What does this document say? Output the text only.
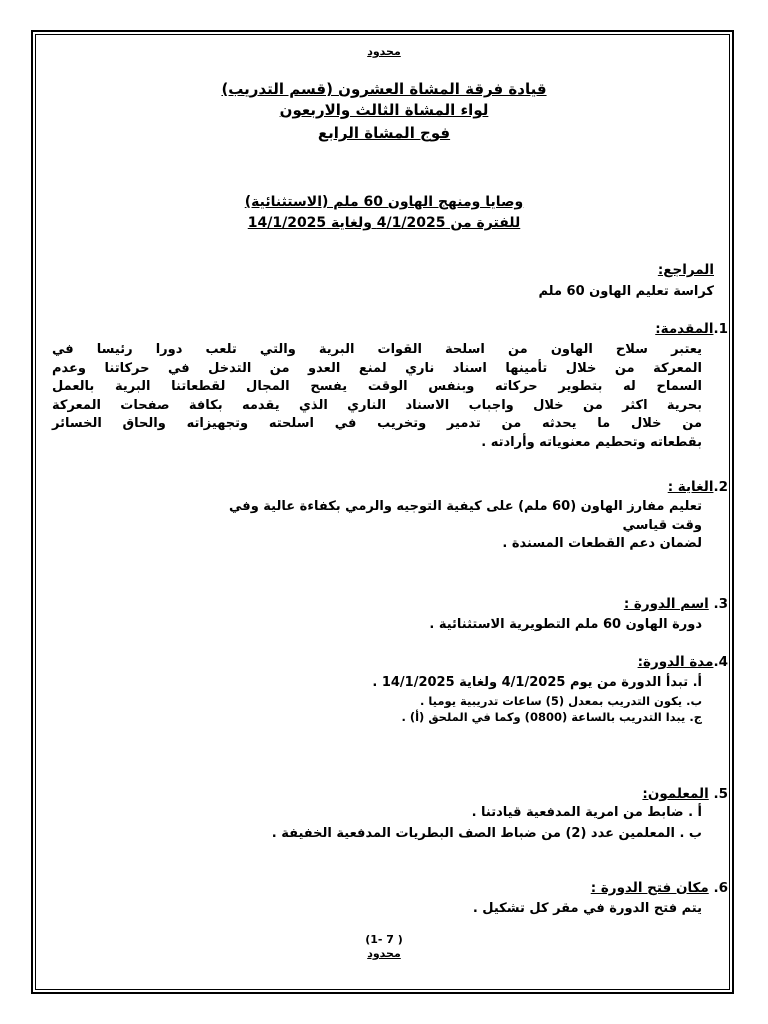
محدود
قيادة فرقة المشاة العشرون (قسم التدريب)
لواء المشاة الثالث والاربعون
فوج المشاة الرابع
وصايا ومنهج الهاون 60 ملم (الاستثنائية)
للفترة من 4/1/2025 ولغاية 14/1/2025
المراجع:
كراسة تعليم الهاون 60 ملم
1.المقدمة:
يعتبر سلاح الهاون من اسلحة القوات البرية والتي تلعب دورا رئيسا في
المعركة من خلال تأمينها اسناد ناري لمنع العدو من التدخل في حركاتنا وعدم
السماح له بتطوير حركاته وبنفس الوقت يفسح المجال لقطعاتنا البرية بالعمل
بحرية اكثر من خلال واجباب الاسناد الناري الذي يقدمه بكافة صفحات المعركة
من خلال ما يحدثه من تدمير وتخريب في اسلحته وتجهيزاته والحاق الخسائر
بقطعاته وتحطيم معنوياته وأرادته .
2.الغاية :
تعليم مفارز الهاون (60 ملم) على كيفية التوجيه والرمي بكفاءة عالية وفي
وقت قياسي
لضمان دعم القطعات المسندة .
3. اسم الدورة :
دورة الهاون 60 ملم التطويرية الاستثنائية .
4.مدة الدورة:
أ. تبدأ الدورة من يوم 4/1/2025 ولغاية 14/1/2025 .
ب. يكون التدريب بمعدل (5) ساعات تدريبية يوميا .
ج. يبدا التدريب بالساعة (0800) وكما في الملحق (أ) .
5. المعلمون:
أ . ضابط من امرية المدفعية قيادتنا .
ب . المعلمين عدد (2) من ضباط الصف البطريات المدفعية الخفيفة .
6. مكان فتح الدورة :
يتم فتح الدورة في مقر كل تشكيل .
( 7 -1)
محدود
